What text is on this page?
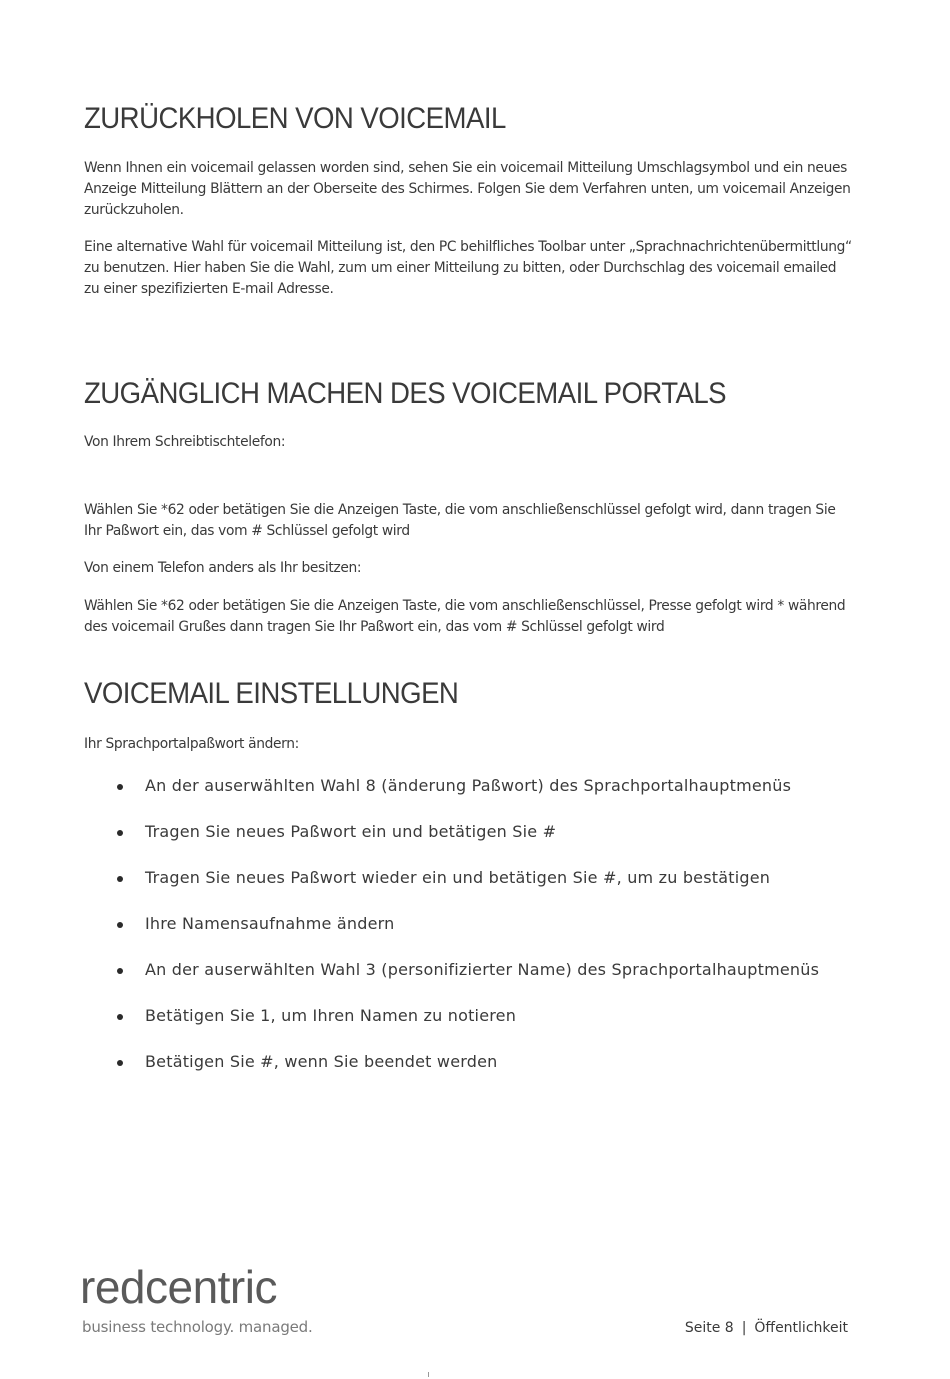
ZURÜCKHOLEN VON VOICEMAIL

Wenn Ihnen ein voicemail gelassen worden sind, sehen Sie ein voicemail Mitteilung Umschlagsymbol und ein neues Anzeige Mitteilung Blättern an der Oberseite des Schirmes. Folgen Sie dem Verfahren unten, um voicemail Anzeigen zurückzuholen.

Eine alternative Wahl für voicemail Mitteilung ist, den PC behilfliches Toolbar unter „Sprachnachrichtenübermittlung“ zu benutzen. Hier haben Sie die Wahl, zum um einer Mitteilung zu bitten, oder Durchschlag des voicemail emailed zu einer spezifizierten E-mail Adresse.

ZUGÄNGLICH MACHEN DES VOICEMAIL PORTALS

Von Ihrem Schreibtischtelefon:

Wählen Sie *62 oder betätigen Sie die Anzeigen Taste, die vom anschließenschlüssel gefolgt wird, dann tragen Sie Ihr Paßwort ein, das vom # Schlüssel gefolgt wird

Von einem Telefon anders als Ihr besitzen:

Wählen Sie *62 oder betätigen Sie die Anzeigen Taste, die vom anschließenschlüssel, Presse gefolgt wird * während des voicemail Grußes dann tragen Sie Ihr Paßwort ein, das vom # Schlüssel gefolgt wird

VOICEMAIL EINSTELLUNGEN

Ihr Sprachportalpaßwort ändern:

An der auserwählten Wahl 8 (änderung Paßwort) des Sprachportalhauptmenüs
Tragen Sie neues Paßwort ein und betätigen Sie #
Tragen Sie neues Paßwort wieder ein und betätigen Sie #, um zu bestätigen
Ihre Namensaufnahme ändern
An der auserwählten Wahl 3 (personifizierter Name) des Sprachportalhauptmenüs
Betätigen Sie 1, um Ihren Namen zu notieren
Betätigen Sie #, wenn Sie beendet werden
redcentric
business technology. managed.	Seite 8 | Öffentlichkeit
